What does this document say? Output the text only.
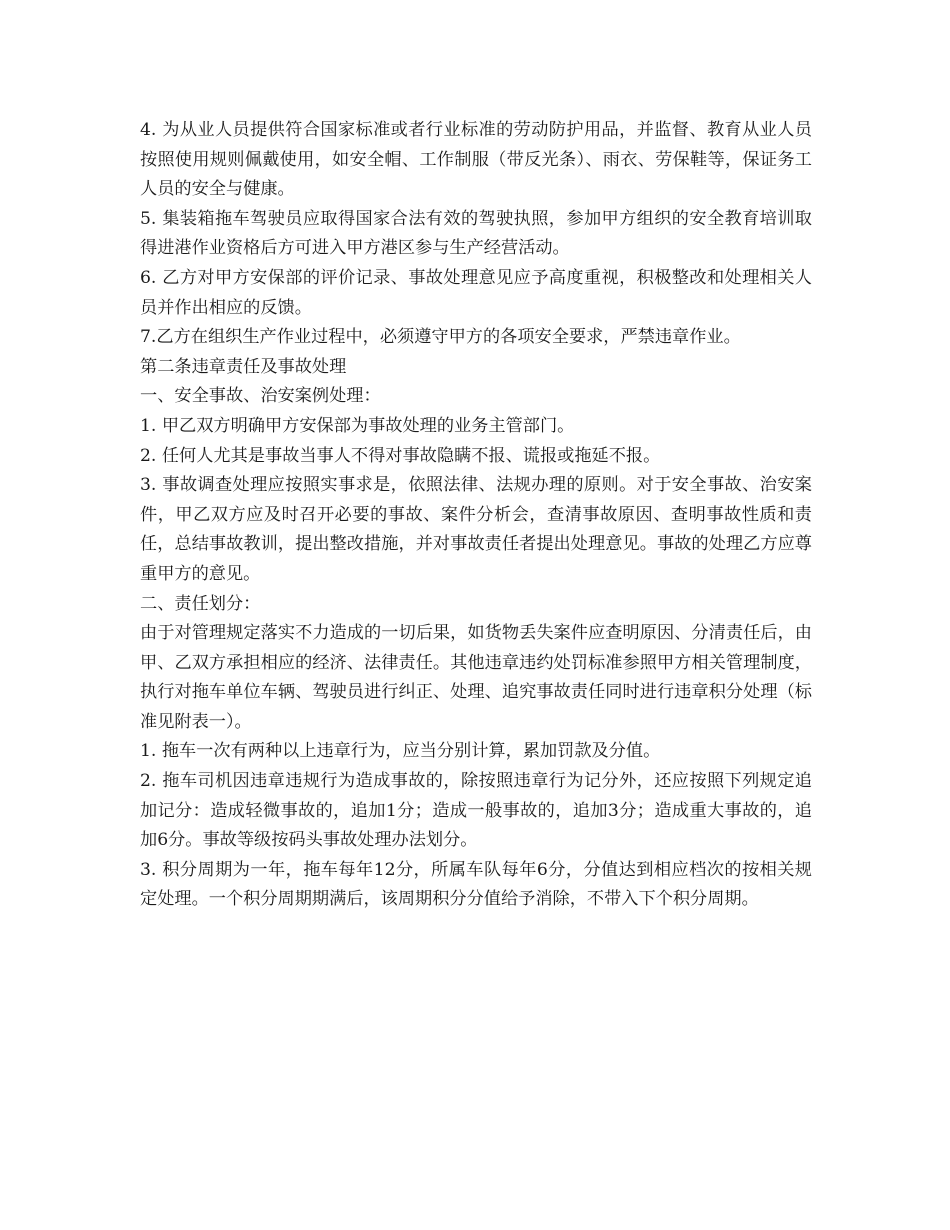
4. 为从业人员提供符合国家标准或者行业标准的劳动防护用品，并监督、教育从业人员按照使用规则佩戴使用，如安全帽、工作制服（带反光条）、雨衣、劳保鞋等，保证务工人员的安全与健康。

5. 集装箱拖车驾驶员应取得国家合法有效的驾驶执照，参加甲方组织的安全教育培训取得进港作业资格后方可进入甲方港区参与生产经营活动。

6. 乙方对甲方安保部的评价记录、事故处理意见应予高度重视，积极整改和处理相关人员并作出相应的反馈。

7.乙方在组织生产作业过程中，必须遵守甲方的各项安全要求，严禁违章作业。

第二条违章责任及事故处理

一、安全事故、治安案例处理：

1. 甲乙双方明确甲方安保部为事故处理的业务主管部门。

2. 任何人尤其是事故当事人不得对事故隐瞒不报、谎报或拖延不报。

3. 事故调查处理应按照实事求是，依照法律、法规办理的原则。对于安全事故、治安案件，甲乙双方应及时召开必要的事故、案件分析会，查清事故原因、查明事故性质和责任，总结事故教训，提出整改措施，并对事故责任者提出处理意见。事故的处理乙方应尊重甲方的意见。

二、责任划分：

由于对管理规定落实不力造成的一切后果，如货物丢失案件应查明原因、分清责任后，由甲、乙双方承担相应的经济、法律责任。其他违章违约处罚标准参照甲方相关管理制度，执行对拖车单位车辆、驾驶员进行纠正、处理、追究事故责任同时进行违章积分处理（标准见附表一）。

1. 拖车一次有两种以上违章行为，应当分别计算，累加罚款及分值。

2. 拖车司机因违章违规行为造成事故的，除按照违章行为记分外，还应按照下列规定追加记分：造成轻微事故的，追加1分；造成一般事故的，追加3分；造成重大事故的，追加6分。事故等级按码头事故处理办法划分。

3. 积分周期为一年，拖车每年12分，所属车队每年6分，分值达到相应档次的按相关规定处理。一个积分周期期满后，该周期积分分值给予消除，不带入下个积分周期。
